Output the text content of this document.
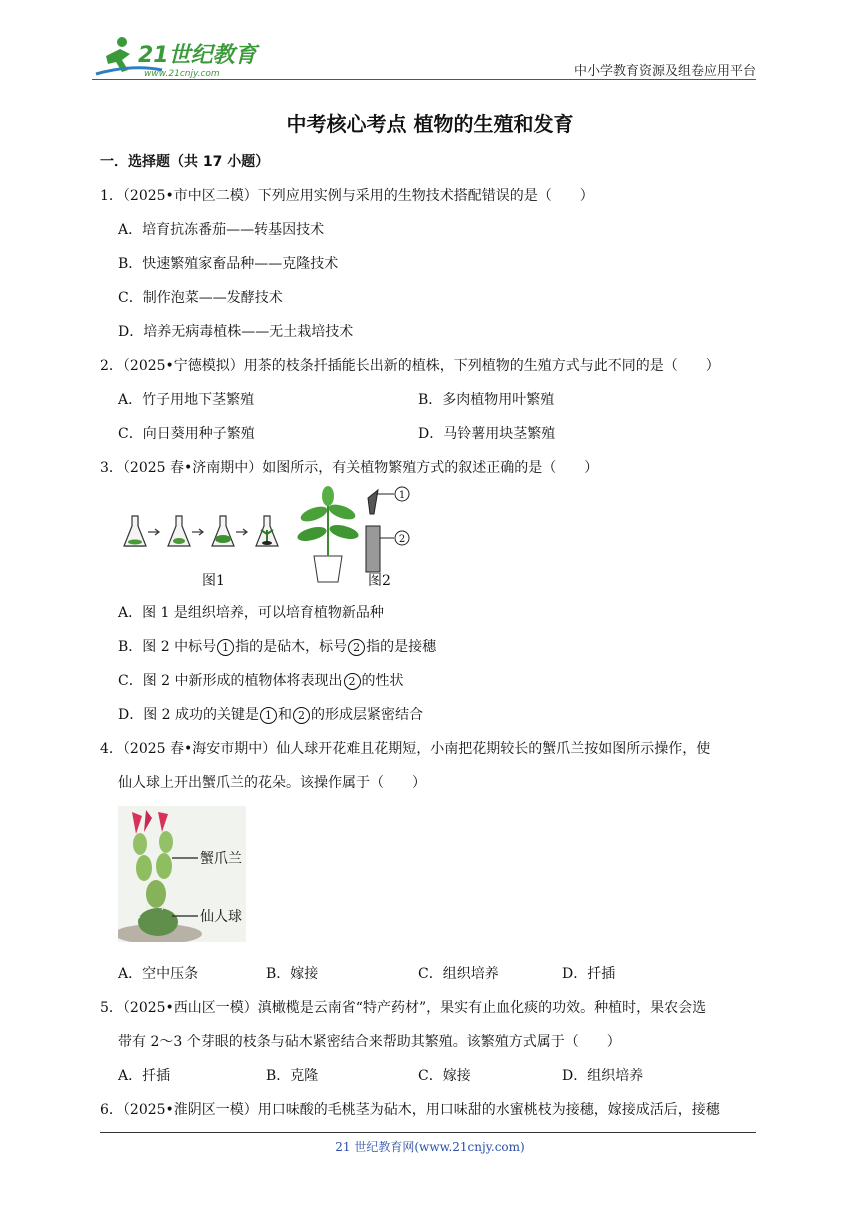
21世纪教育
www.21cnjy.com	中小学教育资源及组卷应用平台
中考核心考点 植物的生殖和发育
一．选择题（共 17 小题）
1．（2025•市中区二模）下列应用实例与采用的生物技术搭配错误的是（　　）
A．培育抗冻番茄——转基因技术
B．快速繁殖家畜品种——克隆技术
C．制作泡菜——发酵技术
D．培养无病毒植株——无土栽培技术
2．（2025•宁德模拟）用茶的枝条扦插能长出新的植株，下列植物的生殖方式与此不同的是（　　）
A．竹子用地下茎繁殖	B．多肉植物用叶繁殖
C．向日葵用种子繁殖	D．马铃薯用块茎繁殖
3．（2025 春•济南期中）如图所示，有关植物繁殖方式的叙述正确的是（　　）
1
2
图1	图2
A．图 1 是组织培养，可以培育植物新品种
B．图 2 中标号 1 指的是砧木，标号 2 指的是接穗
C．图 2 中新形成的植物体将表现出 2 的性状
D．图 2 成功的关键是 1 和 2 的形成层紧密结合
4．（2025 春•海安市期中）仙人球开花难且花期短，小南把花期较长的蟹爪兰按如图所示操作，使
仙人球上开出蟹爪兰的花朵。该操作属于（　　）
蟹爪兰
仙人球
A．空中压条	B．嫁接	C．组织培养	D．扦插
5．（2025•西山区一模）滇橄榄是云南省“特产药材”，果实有止血化痰的功效。种植时，果农会选
带有 2～3 个芽眼的枝条与砧木紧密结合来帮助其繁殖。该繁殖方式属于（　　）
A．扦插	B．克隆	C．嫁接	D．组织培养
6．（2025•淮阴区一模）用口味酸的毛桃茎为砧木，用口味甜的水蜜桃枝为接穗，嫁接成活后，接穗
21 世纪教育网(www.21cnjy.com)
